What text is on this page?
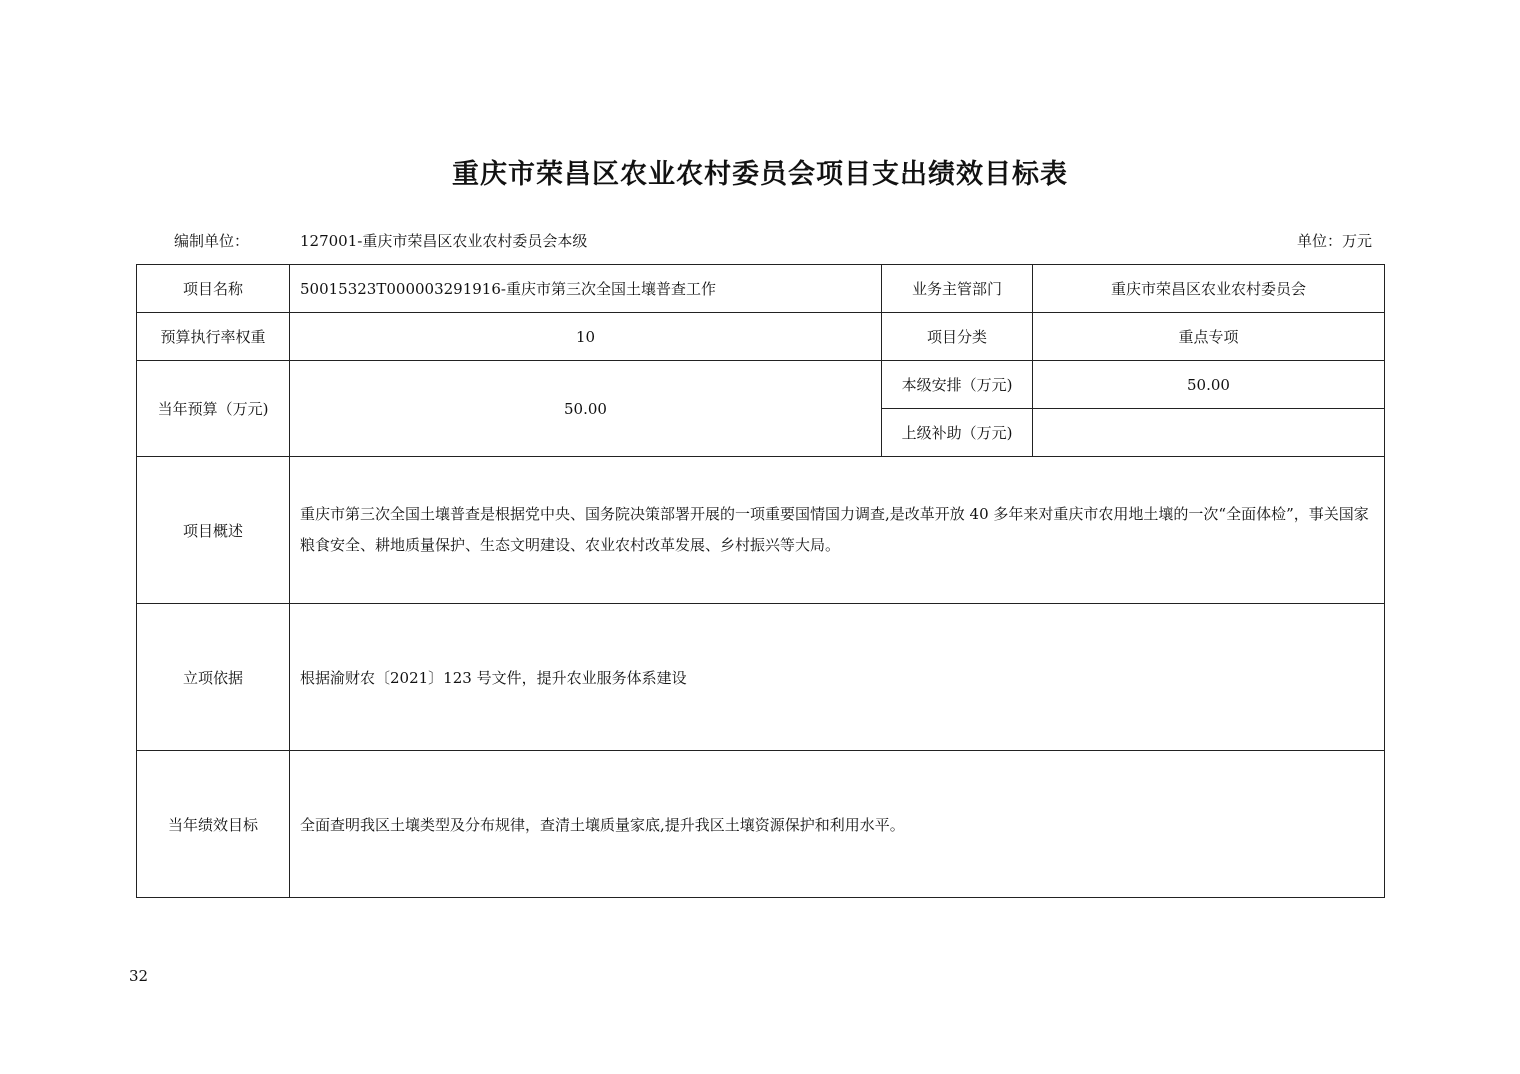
重庆市荣昌区农业农村委员会项目支出绩效目标表
编制单位：	127001-重庆市荣昌区农业农村委员会本级	单位：万元
项目名称	50015323T000003291916-重庆市第三次全国土壤普查工作	业务主管部门	重庆市荣昌区农业农村委员会
预算执行率权重	10	项目分类	重点专项
当年预算（万元)	50.00	本级安排（万元)	50.00
		上级补助（万元)	
项目概述	重庆市第三次全国土壤普查是根据党中央、国务院决策部署开展的一项重要国情国力调查,是改革开放 40 多年来对重庆市农用地土壤的一次“全面体检”，事关国家粮食安全、耕地质量保护、生态文明建设、农业农村改革发展、乡村振兴等大局。		
立项依据	根据渝财农〔2021〕123 号文件，提升农业服务体系建设		
当年绩效目标	全面查明我区土壤类型及分布规律，查清土壤质量家底,提升我区土壤资源保护和利用水平。		
32
